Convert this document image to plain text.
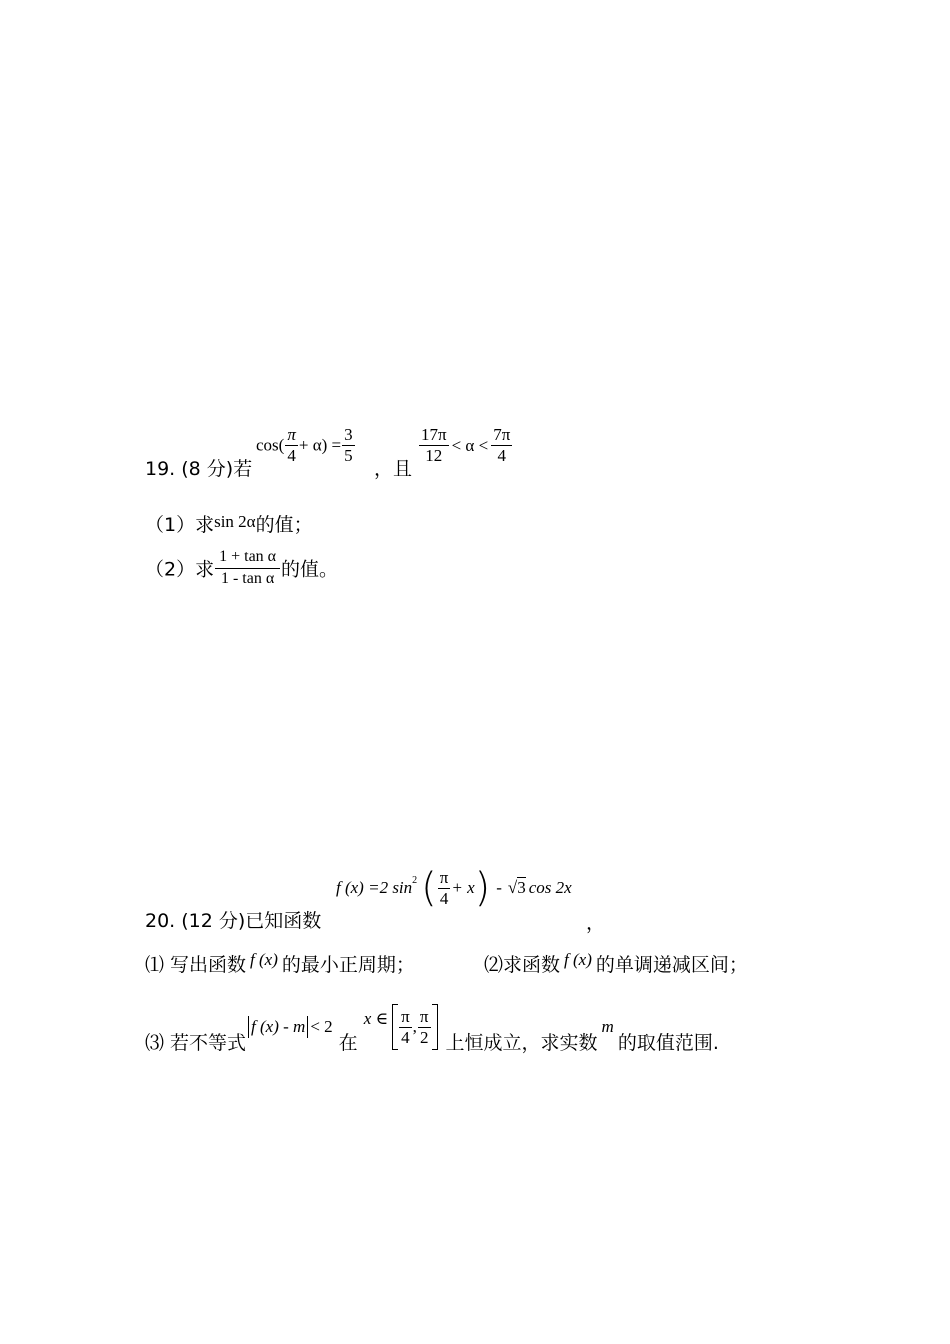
19. (8 分)若
$\cos( \frac{\pi}{4} + \alpha) = \frac{3}{5}$
，且
$\frac{17\pi}{12} < \alpha < \frac{7\pi}{4}$
（1）求sin 2α的值；
（2）求 $\frac{\text{1 + tan α}}{\text{1 - tan α}}$ 的值。
20. (12 分)已知函数
f (x) =2 $\sin^2$ ( $\frac{\pi}{4} + x) - √3$ cos 2x
，
⑴ 写出函数 f (x) 的最小正周期；	⑵求函数 f (x) 的单调递减区间；
⑶ 若不等式f (x) - m < 2在x ∈ $\frac{\pi}{4}$ , $\frac{\pi}{2}$ 上恒成立，求实数m的取值范围.
